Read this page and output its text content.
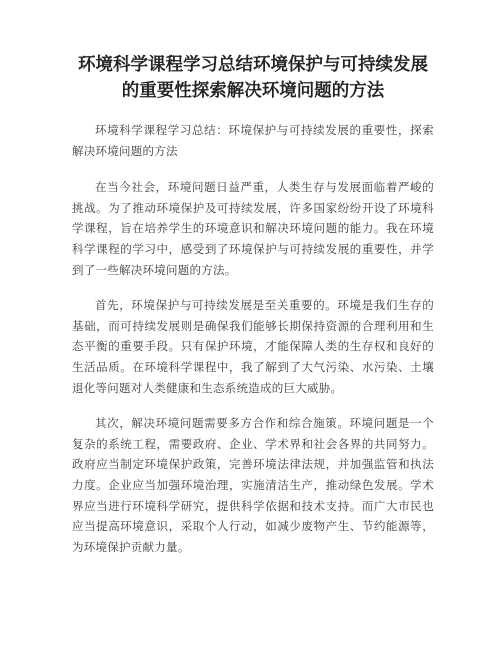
环境科学课程学习总结环境保护与可持续发展的重要性探索解决环境问题的方法

环境科学课程学习总结：环境保护与可持续发展的重要性，探索解决环境问题的方法

在当今社会，环境问题日益严重，人类生存与发展面临着严峻的挑战。为了推动环境保护及可持续发展，许多国家纷纷开设了环境科学课程，旨在培养学生的环境意识和解决环境问题的能力。我在环境科学课程的学习中，感受到了环境保护与可持续发展的重要性，并学到了一些解决环境问题的方法。

首先，环境保护与可持续发展是至关重要的。环境是我们生存的基础，而可持续发展则是确保我们能够长期保持资源的合理利用和生态平衡的重要手段。只有保护环境，才能保障人类的生存权和良好的生活品质。在环境科学课程中，我了解到了大气污染、水污染、土壤退化等问题对人类健康和生态系统造成的巨大威胁。

其次，解决环境问题需要多方合作和综合施策。环境问题是一个复杂的系统工程，需要政府、企业、学术界和社会各界的共同努力。政府应当制定环境保护政策，完善环境法律法规，并加强监管和执法力度。企业应当加强环境治理，实施清洁生产，推动绿色发展。学术界应当进行环境科学研究，提供科学依据和技术支持。而广大市民也应当提高环境意识，采取个人行动，如减少废物产生、节约能源等，为环境保护贡献力量。
